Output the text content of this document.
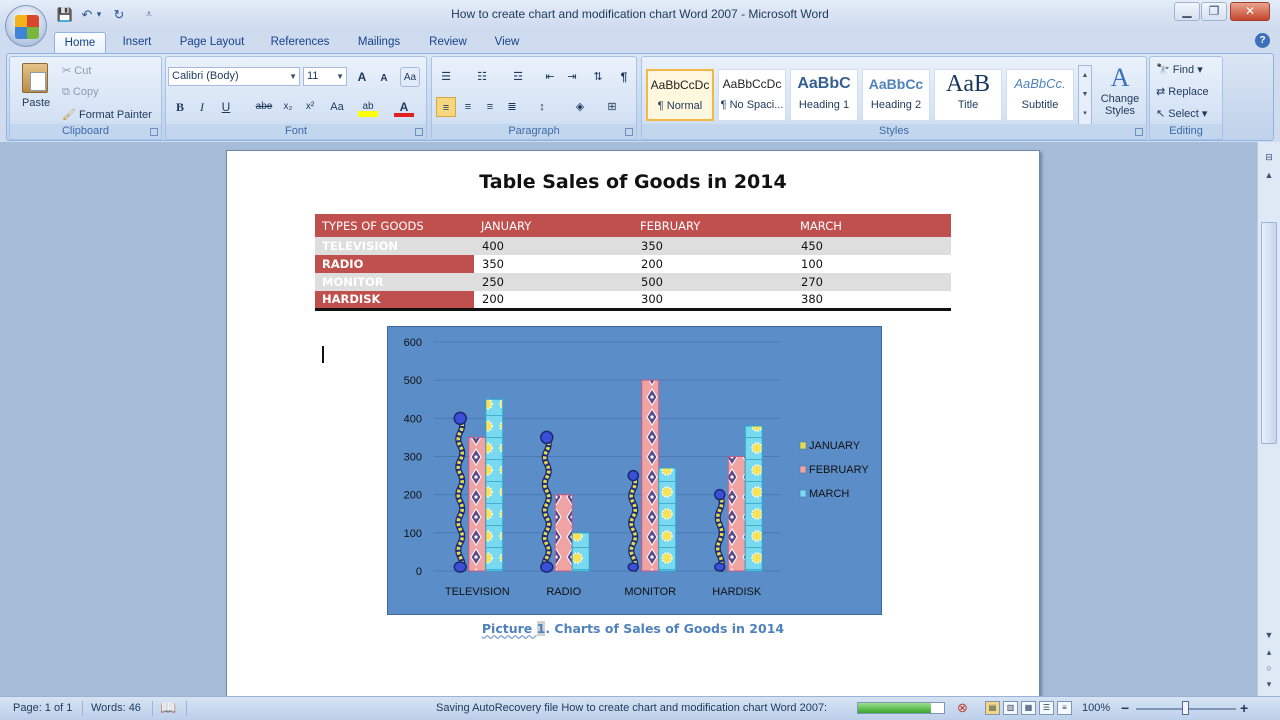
💾 ↶ ▾ ↻	⩡	How to create chart and modification chart Word 2007 - Microsoft Word	▁	❐	✕
Home	Insert	Page Layout	References	Mailings	Review	View	?
Paste
✂ Cut
⧉ Copy
🖌 Format Painter
Clipboard
Calibri (Body)	▼ 11 ▼	A	A	Aa
B	I	U	abe	x₂	x²	Aa	ab	A
Font
☰	☷	☲	⇤	⇥	⇅	¶
≡	≡	≡	≣	↕	◈	⊞
Paragraph
AaBbCcDc
¶ Normal
AaBbCcDc
¶ No Spaci...
AaBbC
Heading 1
AaBbCc
Heading 2
AaB
Title
AaBbCc.
Subtitle
▲
▼
▾
A
Change
Styles
Styles
🔭 Find ▾
⇄ Replace
↖ Select ▾
Editing
Table Sales of Goods in 2014
TYPES OF GOODS	JANUARY	FEBRUARY	MARCH
TELEVISION	400	350	450
RADIO	350	200	100
MONITOR	250	500	270
HARDISK	200	300	380
0
100
200
300
400
500
600
TELEVISION	RADIO	MONITOR	HARDISK
JANUARY
FEBRUARY
MARCH
Picture 1. Charts of Sales of Goods in 2014
⊟
▲
▼
▴
○
▾
Page: 1 of 1 Words: 46 📖	Saving AutoRecovery file How to create chart and modification chart Word 2007:	⊗	▤	▥	▦	☰	≡	100% −	+
